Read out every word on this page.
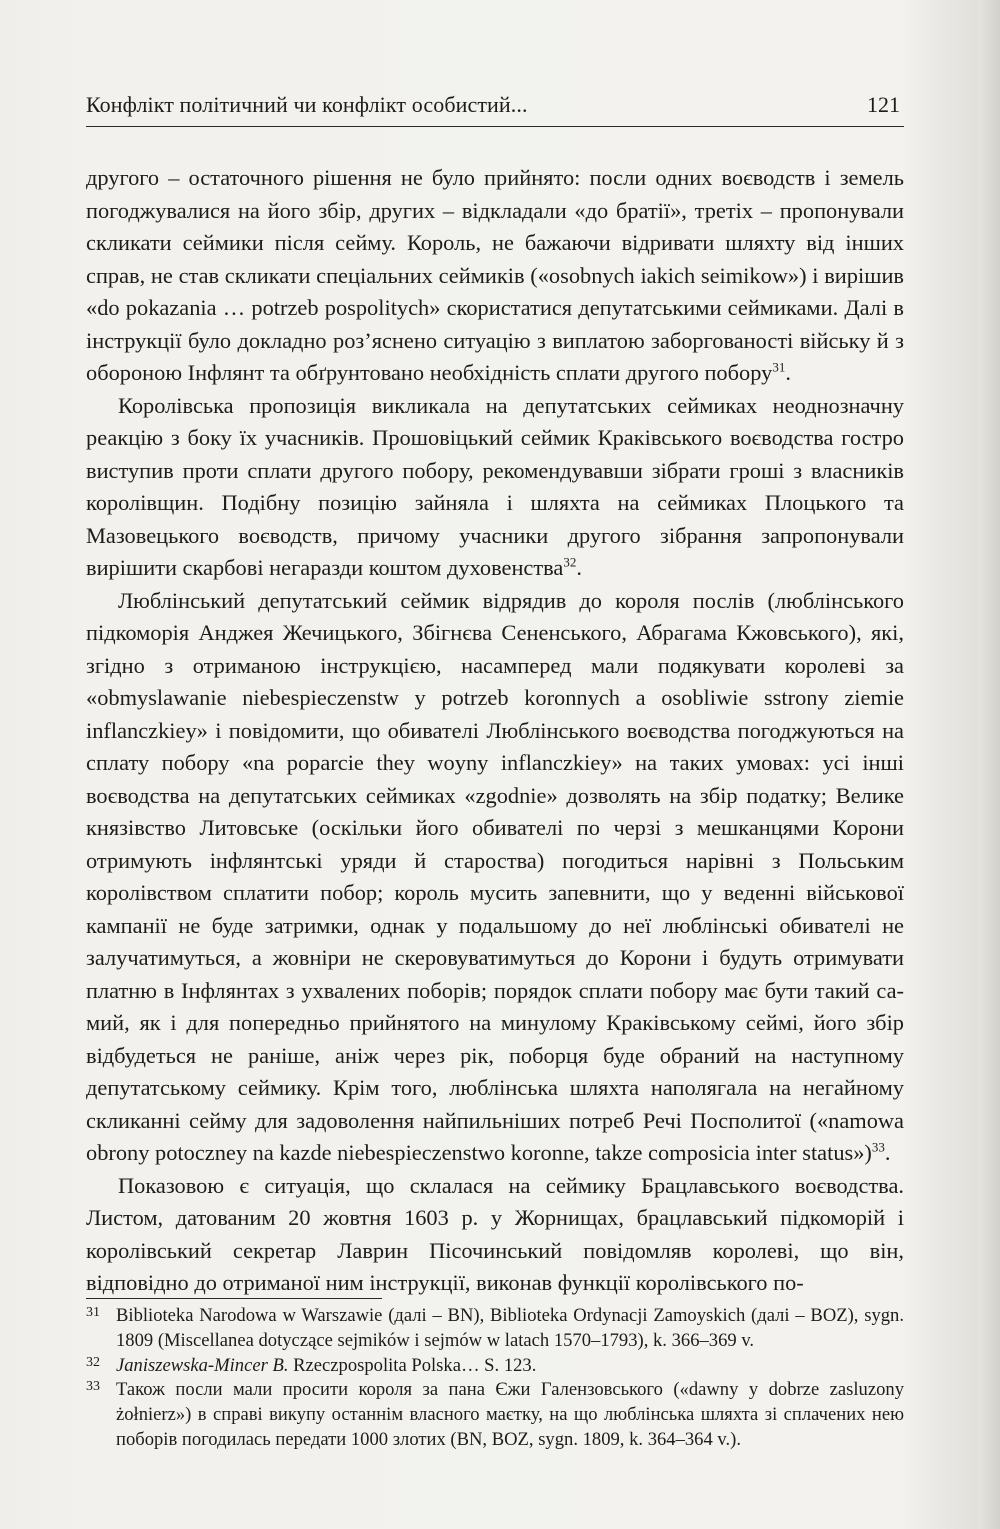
Конфлікт політичний чи конфлікт особистий...	121

другого – остаточного рішення не було прийнято: посли одних воєводств і земель погоджувалися на його збір, других – відкладали «до братії», третіх – пропонували скликати сеймики після сейму. Король, не бажаючи відривати шляхту від інших справ, не став скликати спеціальних сеймиків («osobnych iakich seimikow») і вирішив «do pokazania … potrzeb pospolitych» скористатися депутатськими сеймиками. Далі в інструкції було докладно роз’яснено ситуацію з виплатою заборгованості війську й з обороною Інфлянт та обґрунтовано необхідність сплати другого побору$^{31}$.

Королівська пропозиція викликала на депутатських сеймиках неоднозначну реакцію з боку їх учасників. Прошовіцький сеймик Краківського воєводства гостро виступив проти сплати другого побору, рекомендувавши зібрати гроші з власників королівщин. Подібну позицію зайняла і шляхта на сеймиках Плоцького та Мазовецького воєводств, причому учасники другого зібрання запропонували вирішити скарбові негаразди коштом духовенства$^{32}$.

Люблінський депутатський сеймик відрядив до короля послів (люблінського підкоморія Анджея Жечицького, Збігнєва Сененського, Абрагама Кжовського), які, згідно з отриманою інструкцією, насамперед мали подякувати королеві за «obmyslawanie niebespieczenstw у potrzeb koronnych a osobliwie sstrony ziemie inflanczkiey» і повідомити, що обивателі Люблінського воєводства погоджуються на сплату побору «na poparcie they woyny inflanczkiey» на таких умовах: усі інші воєводства на депутатських сеймиках «zgodnie» дозволять на збір податку; Велике князівство Литовське (оскільки його обивателі по черзі з мешканцями Корони отримують інфлянтські уряди й староства) погодиться нарівні з Польським королівством сплатити побор; король мусить запевнити, що у веденні військової кампанії не буде затримки, однак у подальшому до неї люблінські обивателі не залучатимуться, а жовніри не скеровуватимуться до Корони і будуть отримувати платню в Інфлянтах з ухвалених поборів; порядок сплати побору має бути такий самий, як і для попередньо прийнятого на минулому Краківському сеймі, його збір відбудеться не раніше, аніж через рік, поборця буде обраний на наступному депутатському сеймику. Крім того, люблінська шляхта наполягала на негайному скликанні сейму для задоволення найпильніших потреб Речі Посполитої («namowa obrony potoczney na kazde niebespieczenstwo koronne, takze composicia inter status»)$^{33}$.

Показовою є ситуація, що склалася на сеймику Брацлавського воєводства. Листом, датованим 20 жовтня 1603 р. у Жорнищах, брацлавський підкоморій і королівський секретар Лаврин Пісочинський повідомляв королеві, що він, відповідно до отриманої ним інструкції, виконав функції королівського по-

31 Biblioteka Narodowa w Warszawie (далі – BN), Biblioteka Ordynacji Zamoyskich (далі – BOZ), sygn. 1809 (Miscellanea dotyczące sejmików i sejmów w latach 1570–1793), k. 366–369 v.
32 Janiszewska-Mincer B. Rzeczpospolita Polska… S. 123.
33 Також посли мали просити короля за пана Єжи Галензовського («dawny у dobrze zasluzony żołnierz») в справі викупу останнім власного маєтку, на що люблінська шляхта зі сплачених нею поборів погодилась передати 1000 злотих (BN, BOZ, sygn. 1809, k. 364–364 v.).
